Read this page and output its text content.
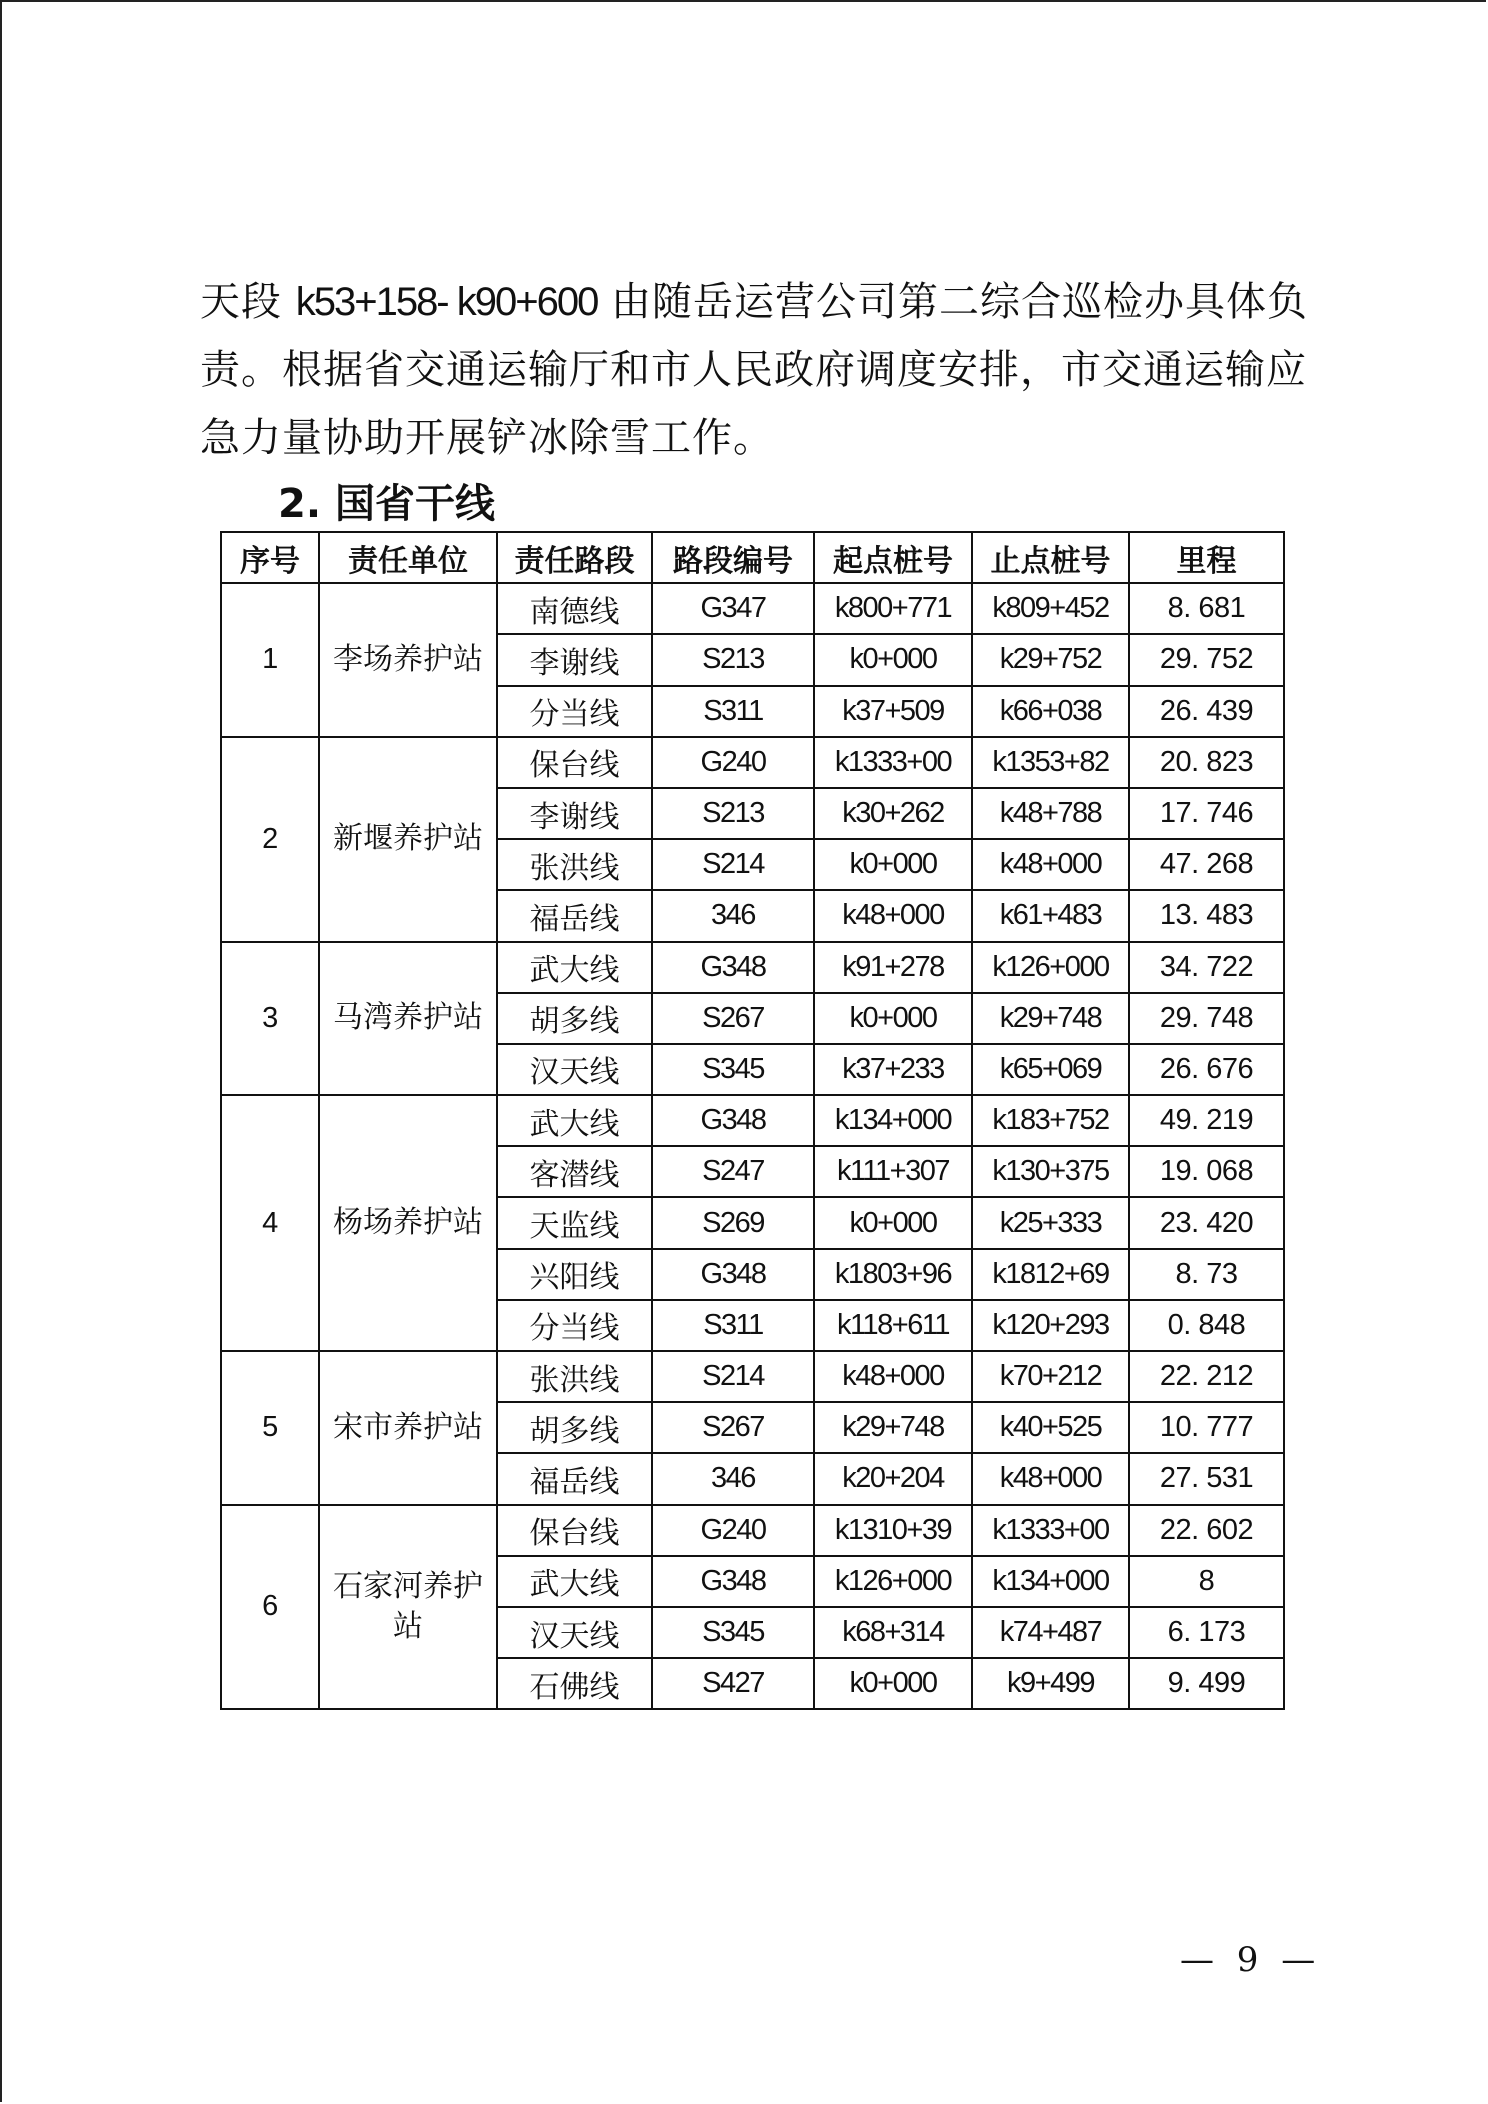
天段 k53+158- k90+600 由随岳运营公司第二综合巡检办具体负责。根据省交通运输厅和市人民政府调度安排，市交通运输应急力量协助开展铲冰除雪工作。

2. 国省干线
序号	责任单位	责任路段	路段编号	起点桩号	止点桩号	里程
1	李场养护站	南德线	G347	k800+771	k809+452	8. 681
		李谢线	S213	k0+000	k29+752	29. 752
		分当线	S311	k37+509	k66+038	26. 439
2	新堰养护站	保台线	G240	k1333+00	k1353+82	20. 823
		李谢线	S213	k30+262	k48+788	17. 746
		张洪线	S214	k0+000	k48+000	47. 268
		福岳线	346	k48+000	k61+483	13. 483
3	马湾养护站	武大线	G348	k91+278	k126+000	34. 722
		胡多线	S267	k0+000	k29+748	29. 748
		汉天线	S345	k37+233	k65+069	26. 676
4	杨场养护站	武大线	G348	k134+000	k183+752	49. 219
		客潜线	S247	k111+307	k130+375	19. 068
		天监线	S269	k0+000	k25+333	23. 420
		兴阳线	G348	k1803+96	k1812+69	8. 73
		分当线	S311	k118+611	k120+293	0. 848
5	宋市养护站	张洪线	S214	k48+000	k70+212	22. 212
		胡多线	S267	k29+748	k40+525	10. 777
		福岳线	346	k20+204	k48+000	27. 531
6	石家河养护站	保台线	G240	k1310+39	k1333+00	22. 602
		武大线	G348	k126+000	k134+000	8
		汉天线	S345	k68+314	k74+487	6. 173
		石佛线	S427	k0+000	k9+499	9. 499
— 9 —
